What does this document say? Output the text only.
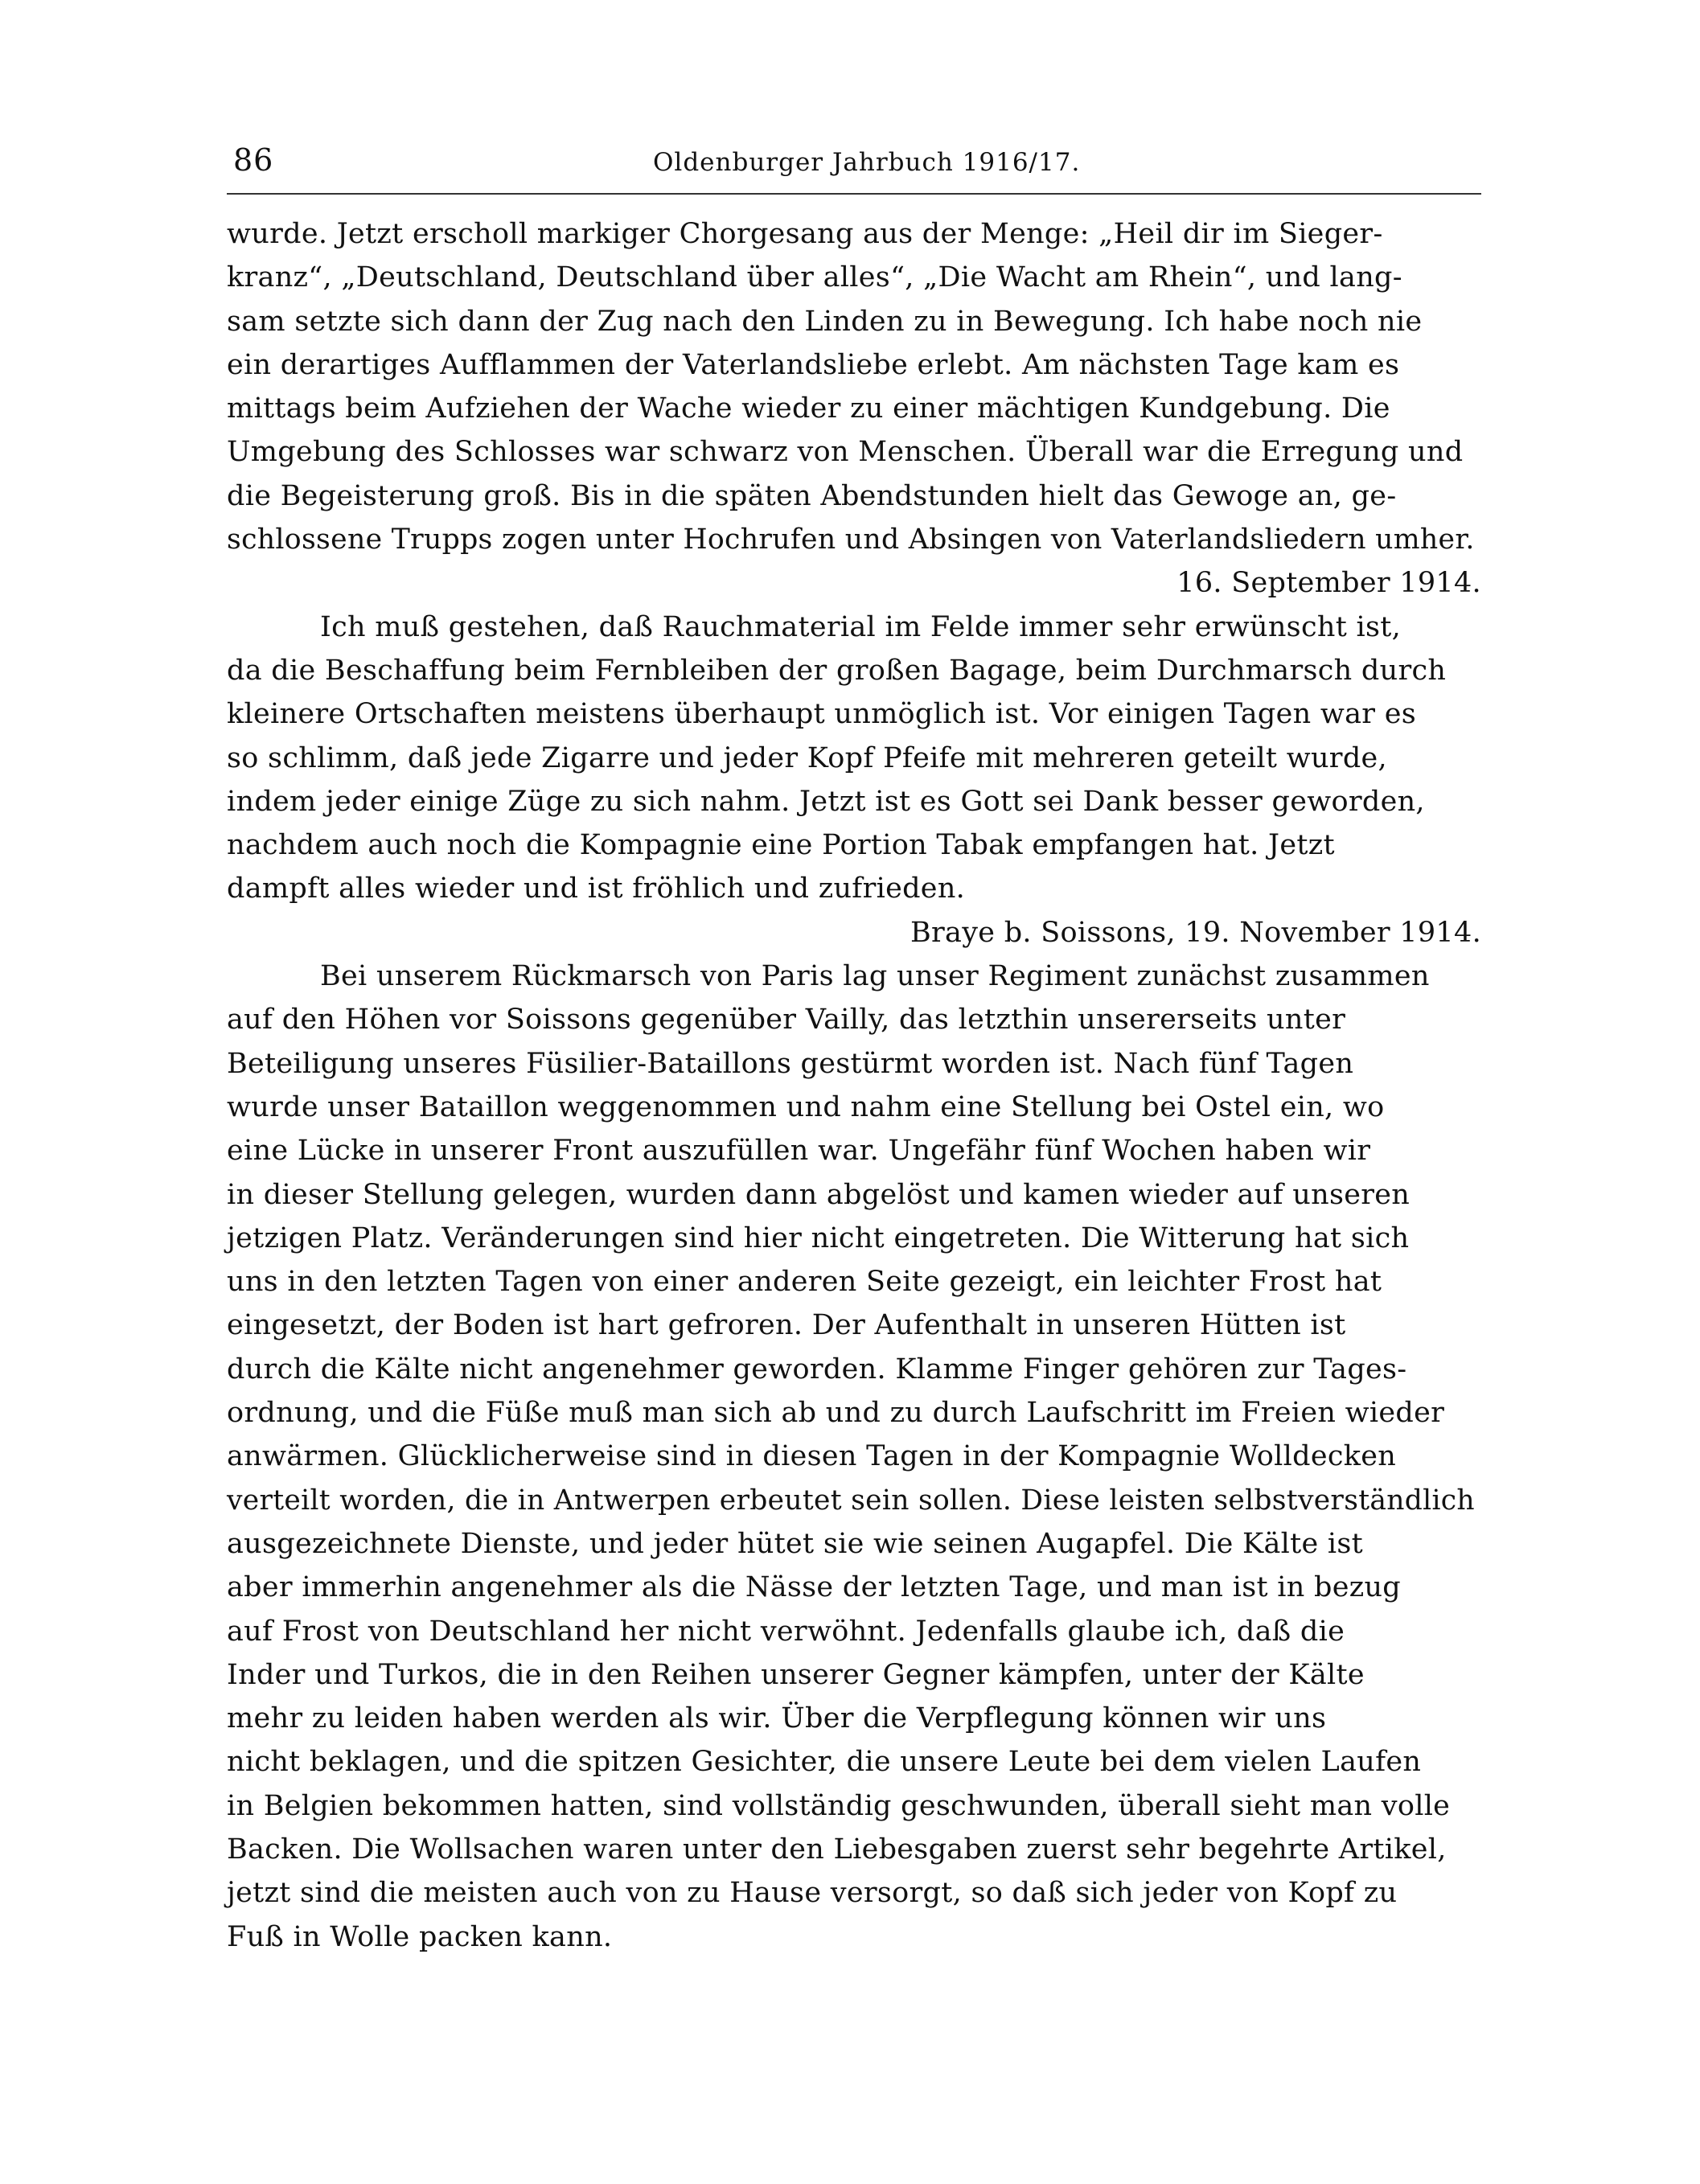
86	Oldenburger Jahrbuch 1916/17.
wurde. Jetzt erscholl markiger Chorgesang aus der Menge: „Heil dir im Sieger-
kranz“, „Deutschland, Deutschland über alles“, „Die Wacht am Rhein“, und lang-
sam setzte sich dann der Zug nach den Linden zu in Bewegung. Ich habe noch nie
ein derartiges Aufflammen der Vaterlandsliebe erlebt. Am nächsten Tage kam es
mittags beim Aufziehen der Wache wieder zu einer mächtigen Kundgebung. Die
Umgebung des Schlosses war schwarz von Menschen. Überall war die Erregung und
die Begeisterung groß. Bis in die späten Abendstunden hielt das Gewoge an, ge-
schlossene Trupps zogen unter Hochrufen und Absingen von Vaterlandsliedern umher.
16. September 1914.
Ich muß gestehen, daß Rauchmaterial im Felde immer sehr erwünscht ist,
da die Beschaffung beim Fernbleiben der großen Bagage, beim Durchmarsch durch
kleinere Ortschaften meistens überhaupt unmöglich ist. Vor einigen Tagen war es
so schlimm, daß jede Zigarre und jeder Kopf Pfeife mit mehreren geteilt wurde,
indem jeder einige Züge zu sich nahm. Jetzt ist es Gott sei Dank besser geworden,
nachdem auch noch die Kompagnie eine Portion Tabak empfangen hat. Jetzt
dampft alles wieder und ist fröhlich und zufrieden.
Braye b. Soissons, 19. November 1914.
Bei unserem Rückmarsch von Paris lag unser Regiment zunächst zusammen
auf den Höhen vor Soissons gegenüber Vailly, das letzthin unsererseits unter
Beteiligung unseres Füsilier-Bataillons gestürmt worden ist. Nach fünf Tagen
wurde unser Bataillon weggenommen und nahm eine Stellung bei Ostel ein, wo
eine Lücke in unserer Front auszufüllen war. Ungefähr fünf Wochen haben wir
in dieser Stellung gelegen, wurden dann abgelöst und kamen wieder auf unseren
jetzigen Platz. Veränderungen sind hier nicht eingetreten. Die Witterung hat sich
uns in den letzten Tagen von einer anderen Seite gezeigt, ein leichter Frost hat
eingesetzt, der Boden ist hart gefroren. Der Aufenthalt in unseren Hütten ist
durch die Kälte nicht angenehmer geworden. Klamme Finger gehören zur Tages-
ordnung, und die Füße muß man sich ab und zu durch Laufschritt im Freien wieder
anwärmen. Glücklicherweise sind in diesen Tagen in der Kompagnie Wolldecken
verteilt worden, die in Antwerpen erbeutet sein sollen. Diese leisten selbstverständlich
ausgezeichnete Dienste, und jeder hütet sie wie seinen Augapfel. Die Kälte ist
aber immerhin angenehmer als die Nässe der letzten Tage, und man ist in bezug
auf Frost von Deutschland her nicht verwöhnt. Jedenfalls glaube ich, daß die
Inder und Turkos, die in den Reihen unserer Gegner kämpfen, unter der Kälte
mehr zu leiden haben werden als wir. Über die Verpflegung können wir uns
nicht beklagen, und die spitzen Gesichter, die unsere Leute bei dem vielen Laufen
in Belgien bekommen hatten, sind vollständig geschwunden, überall sieht man volle
Backen. Die Wollsachen waren unter den Liebesgaben zuerst sehr begehrte Artikel,
jetzt sind die meisten auch von zu Hause versorgt, so daß sich jeder von Kopf zu
Fuß in Wolle packen kann.
